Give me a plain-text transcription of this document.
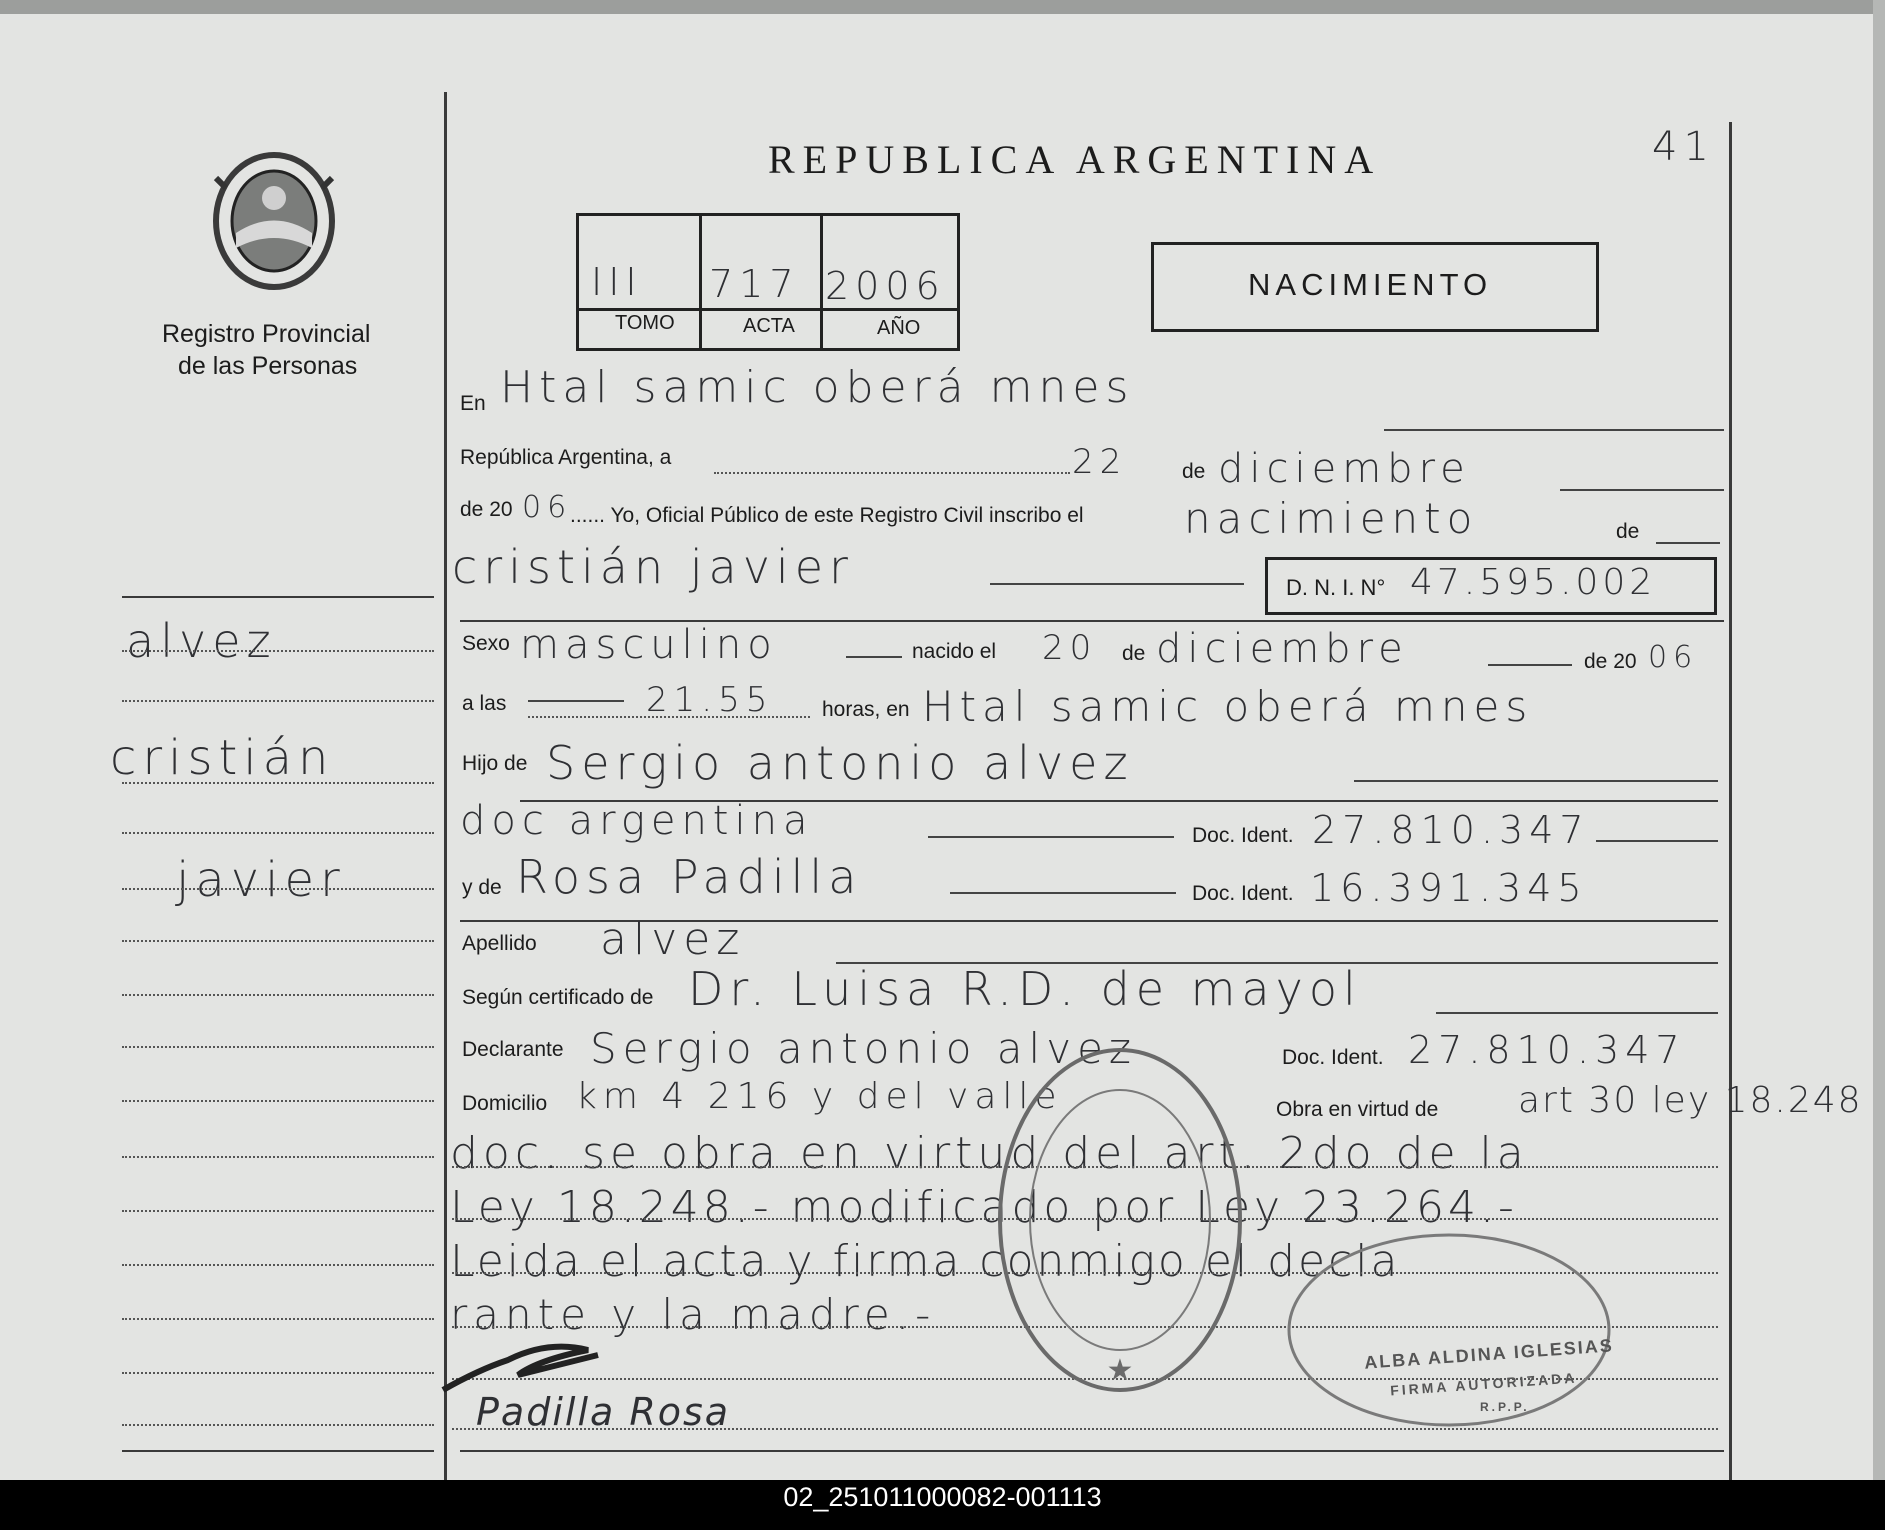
Registro Provincial
de las Personas
REPUBLICA ARGENTINA	41
III 717 2006
TOMO	ACTA	AÑO
NACIMIENTO
En Htal samic oberá mnes
República Argentina, a	22	de diciembre
de 20 06
...... Yo, Oficial Público de este Registro Civil inscribo el nacimiento	de
cristián javier	D. N. I. N° 47.595.002
alvez
cristián
javier
Sexo masculino	nacido el 20 de diciembre	de 20 06
a las	21.55 horas, en Htal samic oberá mnes
Hijo de Sergio antonio alvez
doc argentina	Doc. Ident. 27.810.347
y de Rosa Padilla	Doc. Ident. 16.391.345
Apellido alvez
Según certificado de Dr. Luisa R.D. de mayol
Declarante Sergio antonio alvez	Doc. Ident. 27.810.347
Domicilio km 4 216 y del valle	Obra en virtud de art 30 ley 18.248
doc. se obra en virtud del art. 2do de la
Ley 18.248.- modificado por Ley 23.264.-
Leida el acta y firma conmigo el decla
rante y la madre.-
Padilla Rosa
★	ALBA ALDINA IGLESIAS
FIRMA AUTORIZADA
R.P.P.
02_251011000082-001113
